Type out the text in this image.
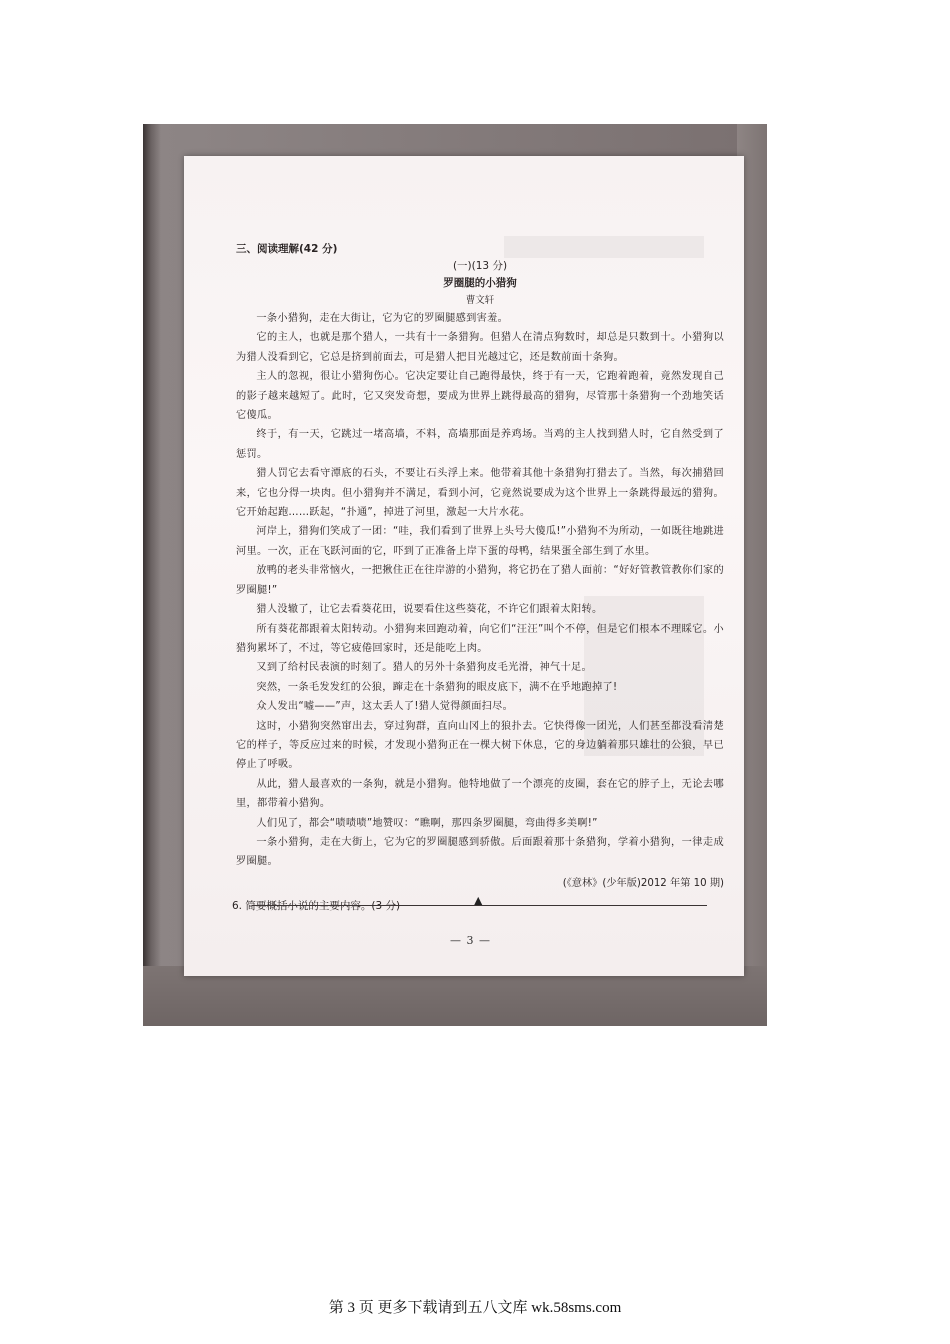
三、阅读理解(42 分)
(一)(13 分)
罗圈腿的小猎狗
曹文轩

一条小猎狗，走在大街让，它为它的罗圈腿感到害羞。

它的主人，也就是那个猎人，一共有十一条猎狗。但猎人在清点狗数时，却总是只数到十。小猎狗以为猎人没看到它，它总是挤到前面去，可是猎人把目光越过它，还是数前面十条狗。

主人的忽视，很让小猎狗伤心。它决定要让自己跑得最快，终于有一天，它跑着跑着，竟然发现自己的影子越来越短了。此时，它又突发奇想，要成为世界上跳得最高的猎狗，尽管那十条猎狗一个劲地笑话它傻瓜。

终于，有一天，它跳过一堵高墙，不料，高墙那面是养鸡场。当鸡的主人找到猎人时，它自然受到了惩罚。

猎人罚它去看守潭底的石头，不要让石头浮上来。他带着其他十条猎狗打猎去了。当然，每次捕猎回来，它也分得一块肉。但小猎狗并不满足，看到小河，它竟然说要成为这个世界上一条跳得最远的猎狗。它开始起跑……跃起，“扑通”，掉进了河里，激起一大片水花。

河岸上，猎狗们笑成了一团：“哇，我们看到了世界上头号大傻瓜!”小猎狗不为所动，一如既往地跳进河里。一次，正在飞跃河面的它，吓到了正准备上岸下蛋的母鸭，结果蛋全部生到了水里。

放鸭的老头非常恼火，一把揪住正在往岸游的小猎狗，将它扔在了猎人面前：“好好管教管教你们家的罗圈腿!”

猎人没辙了，让它去看葵花田，说要看住这些葵花，不许它们跟着太阳转。

所有葵花都跟着太阳转动。小猎狗来回跑动着，向它们“汪汪”叫个不停，但是它们根本不理睬它。小猎狗累坏了，不过，等它疲倦回家时，还是能吃上肉。

又到了给村民表演的时刻了。猎人的另外十条猎狗皮毛光滑，神气十足。

突然，一条毛发发红的公狼，蹿走在十条猎狗的眼皮底下，满不在乎地跑掉了!

众人发出“嘘——”声，这太丢人了!猎人觉得颜面扫尽。

这时，小猎狗突然窜出去，穿过狗群，直向山冈上的狼扑去。它快得像一团光，人们甚至都没看清楚它的样子，等反应过来的时候，才发现小猎狗正在一棵大树下休息，它的身边躺着那只雄壮的公狼，早已停止了呼吸。

从此，猎人最喜欢的一条狗，就是小猎狗。他特地做了一个漂亮的皮圈，套在它的脖子上，无论去哪里，都带着小猎狗。

人们见了，都会“啧啧啧”地赞叹：“瞧啊，那四条罗圈腿，弯曲得多美啊!”

一条小猎狗，走在大街上，它为它的罗圈腿感到骄傲。后面跟着那十条猎狗，学着小猎狗，一律走成罗圈腿。

(《意林》(少年版)2012 年第 10 期)
6. 简要概括小说的主要内容。(3 分)	▲
— 3 —
第 3 页 更多下载请到五八文库 wk.58sms.com
